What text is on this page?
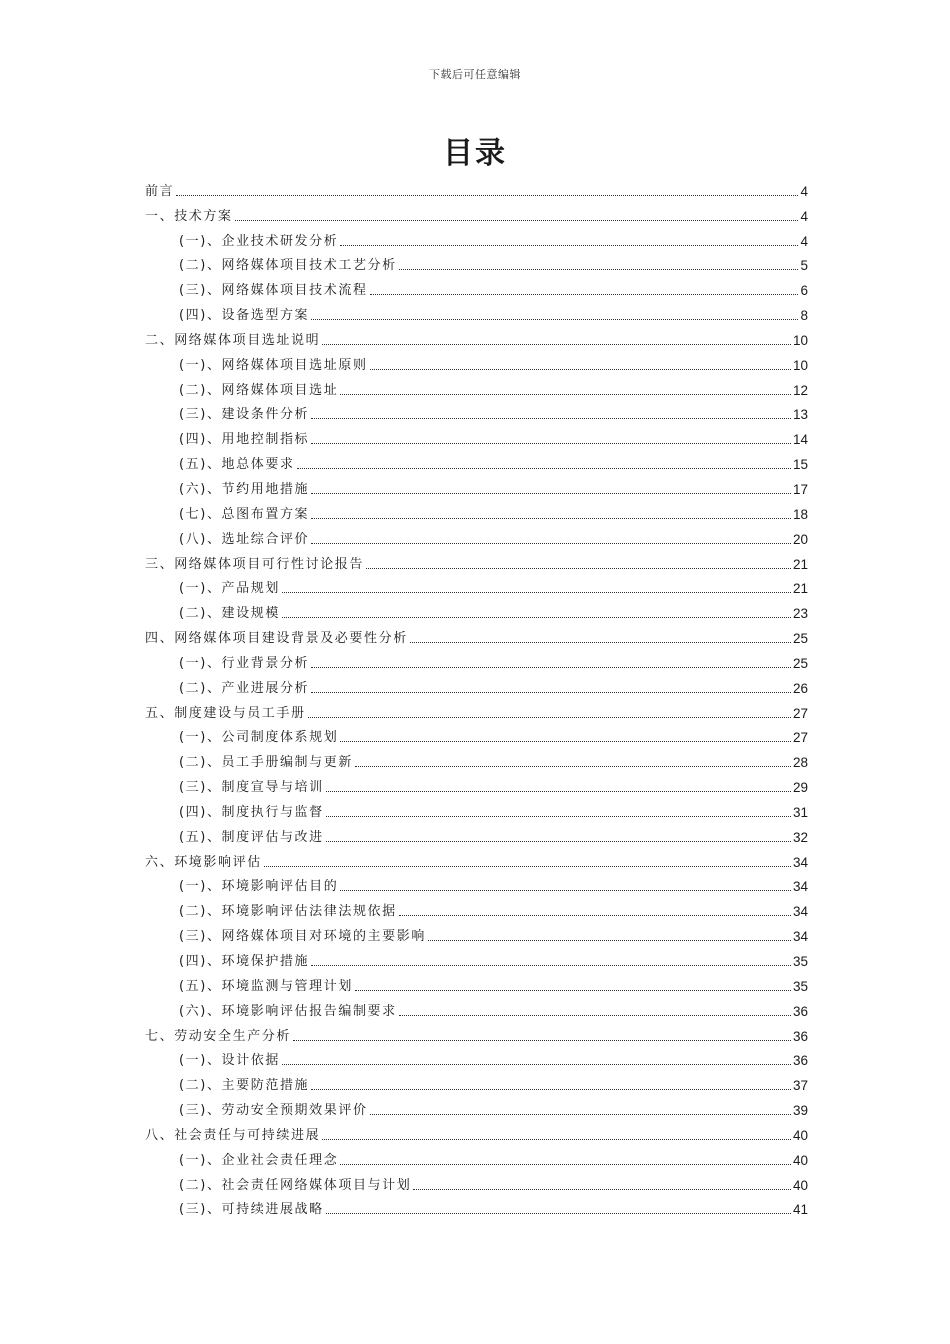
下载后可任意编辑
目录
前言	4
一、技术方案	4
(一)、企业技术研发分析	4
(二)、网络媒体项目技术工艺分析	5
(三)、网络媒体项目技术流程	6
(四)、设备选型方案	8
二、网络媒体项目选址说明	10
(一)、网络媒体项目选址原则	10
(二)、网络媒体项目选址	12
(三)、建设条件分析	13
(四)、用地控制指标	14
(五)、地总体要求	15
(六)、节约用地措施	17
(七)、总图布置方案	18
(八)、选址综合评价	20
三、网络媒体项目可行性讨论报告	21
(一)、产品规划	21
(二)、建设规模	23
四、网络媒体项目建设背景及必要性分析	25
(一)、行业背景分析	25
(二)、产业进展分析	26
五、制度建设与员工手册	27
(一)、公司制度体系规划	27
(二)、员工手册编制与更新	28
(三)、制度宣导与培训	29
(四)、制度执行与监督	31
(五)、制度评估与改进	32
六、环境影响评估	34
(一)、环境影响评估目的	34
(二)、环境影响评估法律法规依据	34
(三)、网络媒体项目对环境的主要影响	34
(四)、环境保护措施	35
(五)、环境监测与管理计划	35
(六)、环境影响评估报告编制要求	36
七、劳动安全生产分析	36
(一)、设计依据	36
(二)、主要防范措施	37
(三)、劳动安全预期效果评价	39
八、社会责任与可持续进展	40
(一)、企业社会责任理念	40
(二)、社会责任网络媒体项目与计划	40
(三)、可持续进展战略	41
